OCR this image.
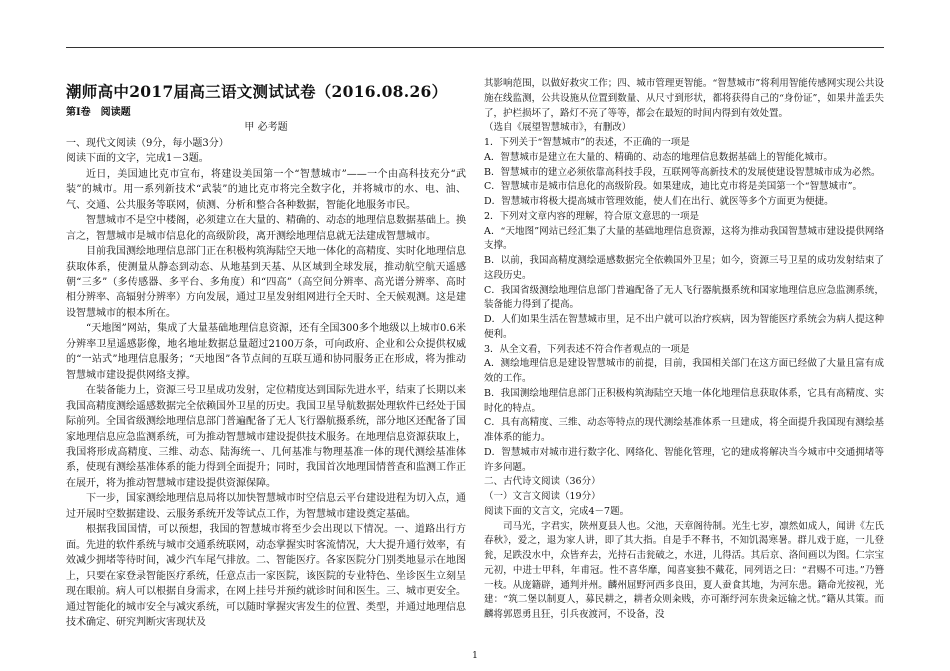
潮师高中2017届高三语文测试试卷（2016.08.26）

第Ⅰ卷　阅读题

甲 必考题

一、现代文阅读（9分，每小题3分）

阅读下面的文字，完成1－3题。

近日，美国迪比克市宣布，将建设美国第一个“智慧城市”——一个由高科技充分“武装”的城市。用一系列新技术“武装”的迪比克市将完全数字化，并将城市的水、电、油、气、交通、公共服务等联网，侦测、分析和整合各种数据，智能化地服务市民。

智慧城市不是空中楼阁，必须建立在大量的、精确的、动态的地理信息数据基础上。换言之，智慧城市是城市信息化的高级阶段，离开测绘地理信息就无法建成智慧城市。

目前我国测绘地理信息部门正在积极构筑海陆空天地一体化的高精度、实时化地理信息获取体系，使测量从静态到动态、从地基到天基、从区域到全球发展，推动航空航天遥感朝“三多”（多传感器、多平台、多角度）和“四高”（高空间分辨率、高光谱分辨率、高时相分辨率、高辐射分辨率）方向发展，通过卫星发射组网进行全天时、全天候观测。这是建设智慧城市的根本所在。

“天地图”网站，集成了大量基础地理信息资源，还有全国300多个地级以上城市0.6米分辨率卫星遥感影像，地名地址数据总量超过2100万条，可向政府、企业和公众提供权威的“一站式”地理信息服务；“天地图”各节点间的互联互通和协同服务正在形成，将为推动智慧城市建设提供网络支撑。

在装备能力上，资源三号卫星成功发射，定位精度达到国际先进水平，结束了长期以来我国高精度测绘遥感数据完全依赖国外卫星的历史。我国卫星导航数据处理软件已经处于国际前列。全国省级测绘地理信息部门普遍配备了无人飞行器航摄系统，部分地区还配备了国家地理信息应急监测系统，可为推动智慧城市建设提供技术服务。在地理信息资源获取上，我国将形成高精度、三维、动态、陆海统一、几何基准与物理基准一体的现代测绘基准体系，使现有测绘基准体系的能力得到全面提升；同时，我国首次地理国情普查和监测工作正在展开，将为推动智慧城市建设提供资源保障。

下一步，国家测绘地理信息局将以加快智慧城市时空信息云平台建设进程为切入点，通过开展时空数据建设、云服务系统开发等试点工作，为智慧城市建设奠定基础。

根据我国国情，可以预想，我国的智慧城市将至少会出现以下情况。一、道路出行方面。先进的软件系统与城市交通系统联网，动态掌握实时客流情况，大大提升通行效率，有效减少拥堵等待时间，减少汽车尾气排放。二、智能医疗。各家医院分门别类地显示在地图上，只要在家登录智能医疗系统，任意点击一家医院，该医院的专业特色、坐诊医生立刻呈现在眼前。病人可以根据自身需求，在网上挂号并预约就诊时间和医生。三、城市更安全。通过智能化的城市安全与减灾系统，可以随时掌握灾害发生的位置、类型，并通过地理信息技术确定、研究判断灾害现状及

其影响范围，以做好救灾工作；四、城市管理更智能。“智慧城市”将利用智能传感网实现公共设施在线监测，公共设施从位置到数量、从尺寸到形状，都将获得自己的“身份证”，如果井盖丢失了，护栏损坏了，路灯不亮了等等，都会在最短的时间内得到有效处置。

（选自《展望智慧城市》，有删改）

1．下列关于“智慧城市”的表述，不正确的一项是

A．智慧城市是建立在大量的、精确的、动态的地理信息数据基础上的智能化城市。

B．智慧城市的建立必须依靠高科技手段，互联网等高新技术的发展使建设智慧城市成为必然。

C．智慧城市是城市信息化的高级阶段。如果建成，迪比克市将是美国第一个“智慧城市”。

D．智慧城市将极大提高城市管理效能，使人们在出行、就医等多个方面更为便捷。

2．下列对文章内容的理解，符合原文意思的一项是

A．“天地图”网站已经汇集了大量的基础地理信息资源，这将为推动我国智慧城市建设提供网络支撑。

B．以前，我国高精度测绘遥感数据完全依赖国外卫星；如今，资源三号卫星的成功发射结束了这段历史。

C．我国省级测绘地理信息部门普遍配备了无人飞行器航摄系统和国家地理信息应急监测系统，装备能力得到了提高。

D．人们如果生活在智慧城市里，足不出户就可以治疗疾病，因为智能医疗系统会为病人提这种便利。

3．从全文看，下列表述不符合作者观点的一项是

A．测绘地理信息是建设智慧城市的前提，目前，我国相关部门在这方面已经做了大量且富有成效的工作。

B．我国测绘地理信息部门正积极构筑海陆空天地一体化地理信息获取体系，它具有高精度、实时化的特点。

C．具有高精度、三维、动态等特点的现代测绘基准体系一旦建成，将全面提升我国现有测绘基准体系的能力。

D．智慧城市对城市进行数字化、网络化、智能化管理，它的建成将解决当今城市中交通拥堵等许多问题。

二、古代诗文阅读（36分）

（一）文言文阅读（19分）

阅读下面的文言文，完成4－7题。

司马光，字君实，陕州夏县人也。父池，天章阁待制。光生七岁，凛然如成人，闻讲《左氏春秋》，爱之，退为家人讲，即了其大指。自是手不释书，不知饥渴寒暑。群儿戏于庭，一儿登瓮，足跌没水中，众皆弃去，光持石击瓮破之，水迸，儿得活。其后京、洛间画以为图。仁宗宝元初，中进士甲科，年甫冠。性不喜华靡，闻喜宴独不戴花，同列语之曰：“君赐不可违。”乃簪一枝。从庞籍辟，通判并州。麟州屈野河西多良田，夏人蚕食其地，为河东患。籍命光按视，光建：“筑二堡以制夏人，募民耕之，耕者众则籴贱，亦可渐纾河东贵籴远输之忧。”籍从其策。而麟将郭恩勇且狂，引兵夜渡河，不设备，没

1
